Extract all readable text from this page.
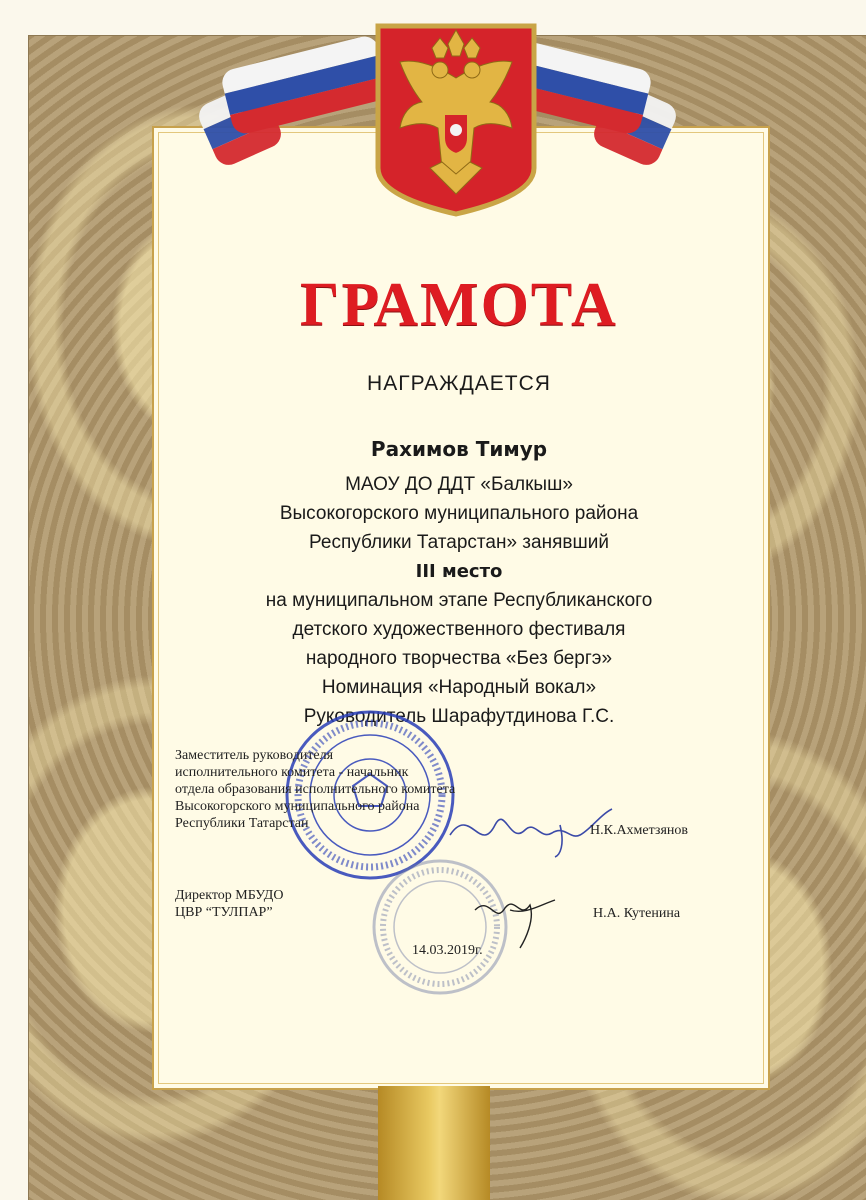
ГРАМОТА
НАГРАЖДАЕТСЯ
Рахимов Тимур
МАОУ ДО ДДТ «Балкыш»
Высокогорского муниципального района
Республики Татарстан» занявший
III место
на муниципальном этапе Республиканского
детского художественного фестиваля
народного творчества «Без бергэ»
Номинация «Народный вокал»
Руководитель Шарафутдинова Г.С.
Заместитель руководителя
исполнительного комитета - начальник
отдела образования исполнительного комитета
Высокогорского муниципального района
Республики Татарстан	Н.К.Ахметзянов
Директор МБУДО
ЦВР “ТУЛПАР”	Н.А. Кутенина
14.03.2019г.
